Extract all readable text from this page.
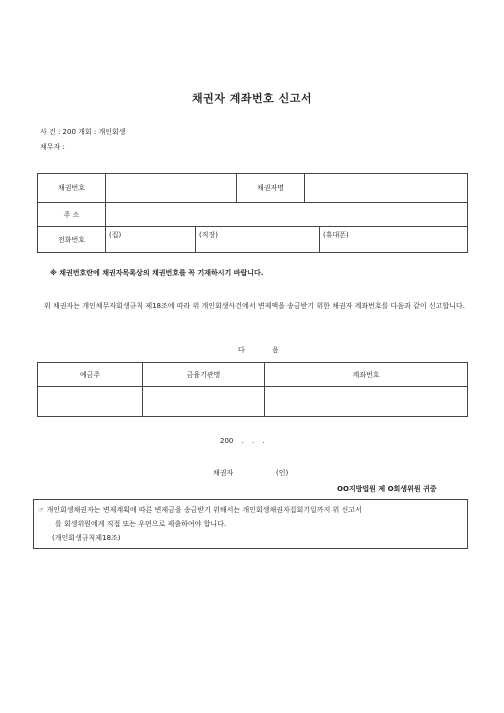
채권자 계좌번호 신고서
사 건 : 200 개회 : 개인회생
채무자 :
채권번호		채권자명	
주 소			
전화번호	(집) (직장) (휴대폰)		
※ 채권번호란에 채권자목록상의 채권번호를 꼭 기재하시기 바랍니다.
위 채권자는 개인채무자회생규칙 제18조에 따라 위 개인회생사건에서 변제액을 송금받기 위한 채권자 계좌번호를 다음과 같이 신고합니다.
다	음
예금주	금융기관명	계좌번호

200 . . .
채권자	(인)
OO지방법원 제 O회생위원 귀중
☞ 개인회생채권자는 변제계획에 따른 변제금을 송금받기 위해서는 개인회생채권자집회기일까지 위 신고서
를 회생위원에게 직접 또는 우편으로 제출하여야 합니다.
(개인회생규칙제18조)
